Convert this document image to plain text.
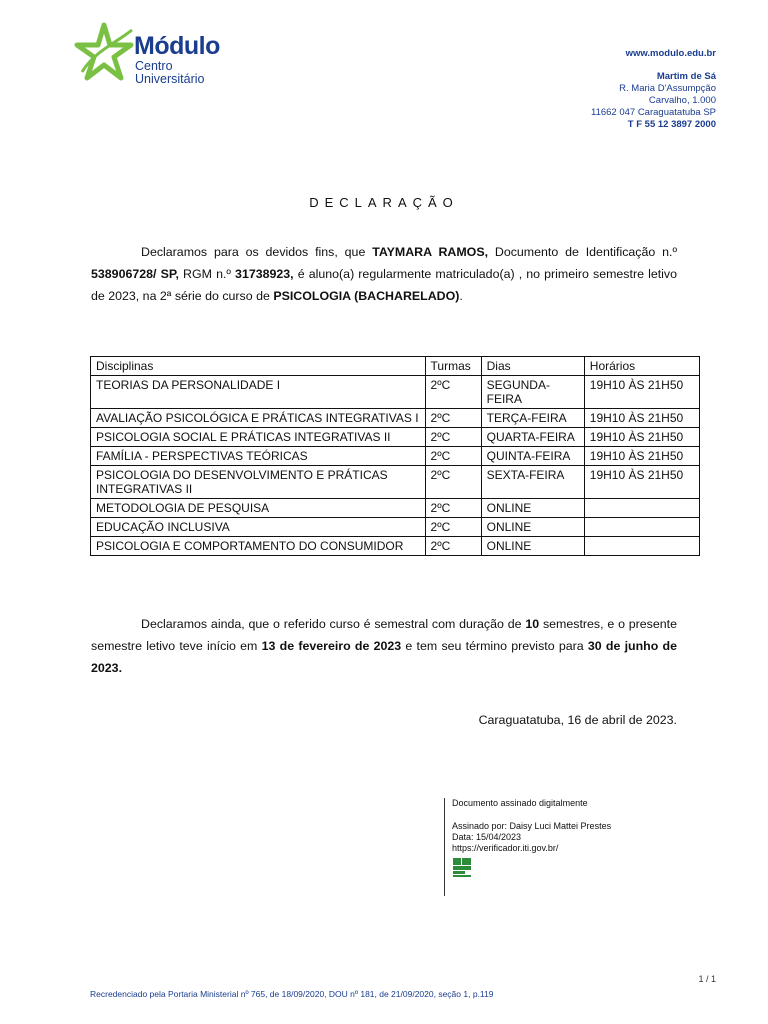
Módulo
Centro
Universitário
www.modulo.edu.br
Martim de Sá
R. Maria D'Assumpção
Carvalho, 1.000
11662 047 Caraguatatuba SP
T F 55 12 3897 2000
DECLARAÇÃO

Declaramos para os devidos fins, que TAYMARA RAMOS, Documento de Identificação n.º 538906728/ SP, RGM n.º 31738923, é aluno(a) regularmente matriculado(a) , no primeiro semestre letivo de 2023, na 2ª série do curso de PSICOLOGIA (BACHARELADO).

Disciplinas	Turmas	Dias	Horários
TEORIAS DA PERSONALIDADE I	2ºC	SEGUNDA-FEIRA	19H10 ÀS 21H50
AVALIAÇÃO PSICOLÓGICA E PRÁTICAS INTEGRATIVAS I	2ºC	TERÇA-FEIRA	19H10 ÀS 21H50
PSICOLOGIA SOCIAL E PRÁTICAS INTEGRATIVAS II	2ºC	QUARTA-FEIRA	19H10 ÀS 21H50
FAMÍLIA - PERSPECTIVAS TEÓRICAS	2ºC	QUINTA-FEIRA	19H10 ÀS 21H50
PSICOLOGIA DO DESENVOLVIMENTO E PRÁTICAS INTEGRATIVAS II	2ºC	SEXTA-FEIRA	19H10 ÀS 21H50
METODOLOGIA DE PESQUISA	2ºC	ONLINE	
EDUCAÇÃO INCLUSIVA	2ºC	ONLINE	
PSICOLOGIA E COMPORTAMENTO DO CONSUMIDOR	2ºC	ONLINE	

Declaramos ainda, que o referido curso é semestral com duração de 10 semestres, e o presente semestre letivo teve início em 13 de fevereiro de 2023 e tem seu término previsto para 30 de junho de 2023.

Caraguatatuba, 16 de abril de 2023.
Documento assinado digitalmente
Assinado por: Daisy Luci Mattei Prestes
Data: 15/04/2023
https://verificador.iti.gov.br/
1 / 1
Recredenciado pela Portaria Ministerial nº 765, de 18/09/2020, DOU nº 181, de 21/09/2020, seção 1, p.119
